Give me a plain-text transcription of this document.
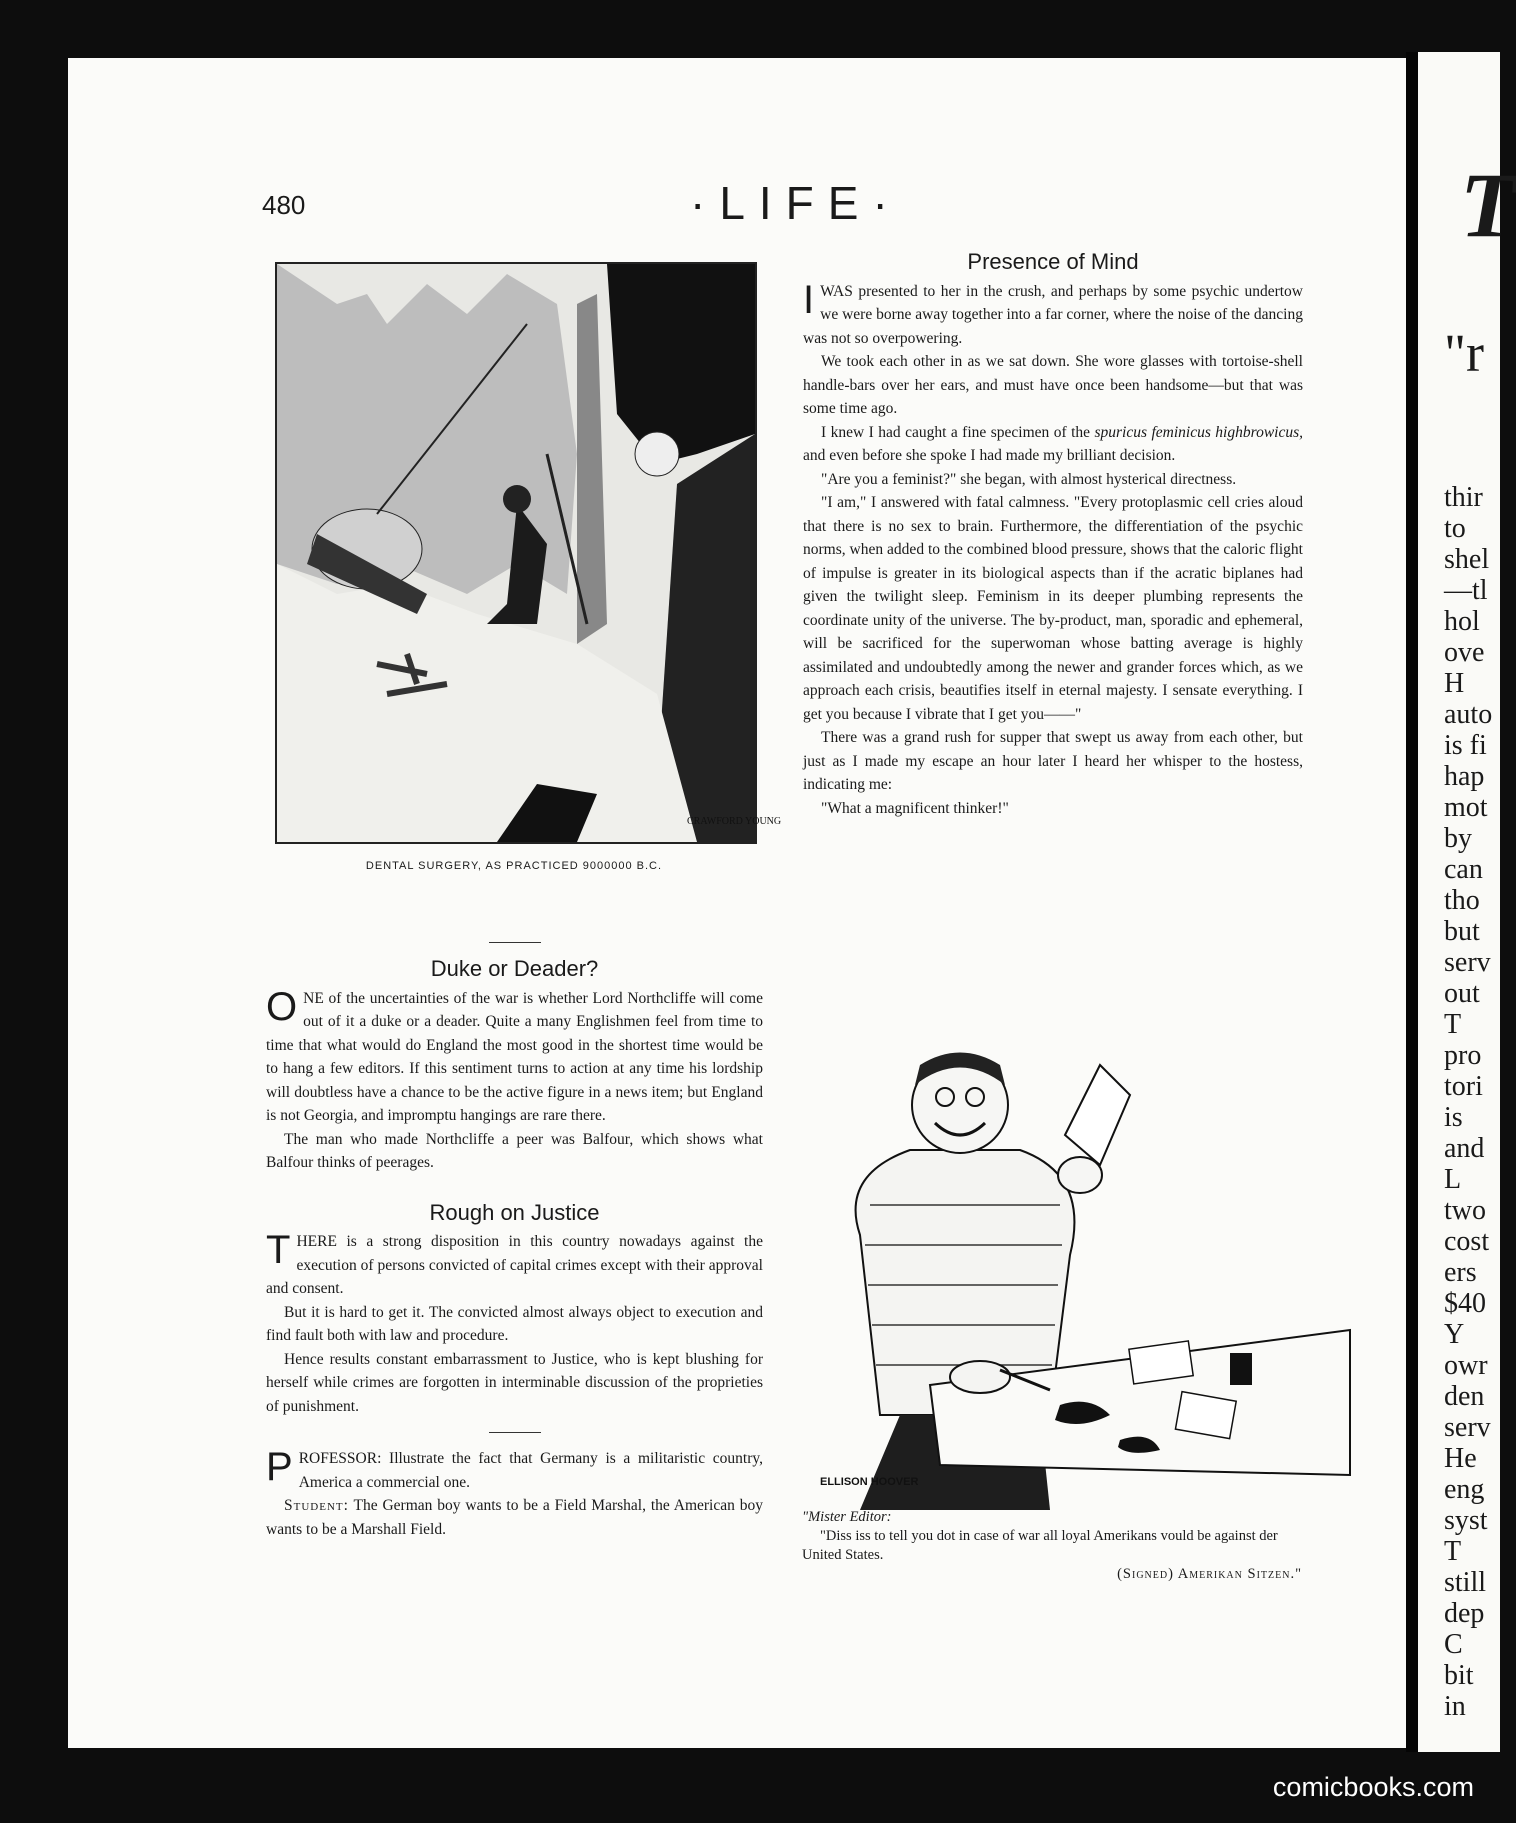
T
"r
thir
to
shel
—tl
hol
ove
H
auto
is fi
hap
mot
by
can
tho
but
serv
out
T
pro
tori
is
and
L
two
cost
ers
$40
Y
owr
den
serv
He
eng
syst
T
still
dep
C
bit
in
480	·LIFE·
CRAWFORD YOUNG
DENTAL SURGERY, AS PRACTICED 9000000 B.C.
Duke or Deader?

ONE of the uncertainties of the war is whether Lord Northcliffe will come out of it a duke or a deader. Quite a many Englishmen feel from time to time that what would do England the most good in the shortest time would be to hang a few editors. If this sentiment turns to action at any time his lordship will doubtless have a chance to be the active figure in a news item; but England is not Georgia, and impromptu hangings are rare there.

The man who made Northcliffe a peer was Balfour, which shows what Balfour thinks of peerages.

Rough on Justice

THERE is a strong disposition in this country nowadays against the execution of persons convicted of capital crimes except with their approval and consent.

But it is hard to get it. The convicted almost always object to execution and find fault both with law and procedure.

Hence results constant embarrassment to Justice, who is kept blushing for herself while crimes are forgotten in interminable discussion of the proprieties of punishment.

PROFESSOR: Illustrate the fact that Germany is a militaristic country, America a commercial one.

Student: The German boy wants to be a Field Marshal, the American boy wants to be a Marshall Field.

Presence of Mind

IWAS presented to her in the crush, and perhaps by some psychic undertow we were borne away together into a far corner, where the noise of the dancing was not so overpowering.

We took each other in as we sat down. She wore glasses with tortoise-shell handle-bars over her ears, and must have once been handsome—but that was some time ago.

I knew I had caught a fine specimen of the spuricus feminicus highbrowicus, and even before she spoke I had made my brilliant decision.

"Are you a feminist?" she began, with almost hysterical directness.

"I am," I answered with fatal calmness. "Every protoplasmic cell cries aloud that there is no sex to brain. Furthermore, the differentiation of the psychic norms, when added to the combined blood pressure, shows that the caloric flight of impulse is greater in its biological aspects than if the acratic biplanes had given the twilight sleep. Feminism in its deeper plumbing represents the coordinate unity of the universe. The by-product, man, sporadic and ephemeral, will be sacrificed for the superwoman whose batting average is highly assimilated and undoubtedly among the newer and grander forces which, as we approach each crisis, beautifies itself in eternal majesty. I sensate everything. I get you because I vibrate that I get you——"

There was a grand rush for supper that swept us away from each other, but just as I made my escape an hour later I heard her whisper to the hostess, indicating me:

"What a magnificent thinker!"

ELLISON HOOVER
"Mister Editor:
"Diss iss to tell you dot in case of war all loyal Amerikans vould be against der United States.
(Signed) Amerikan Sitzen."
comicbooks.com
